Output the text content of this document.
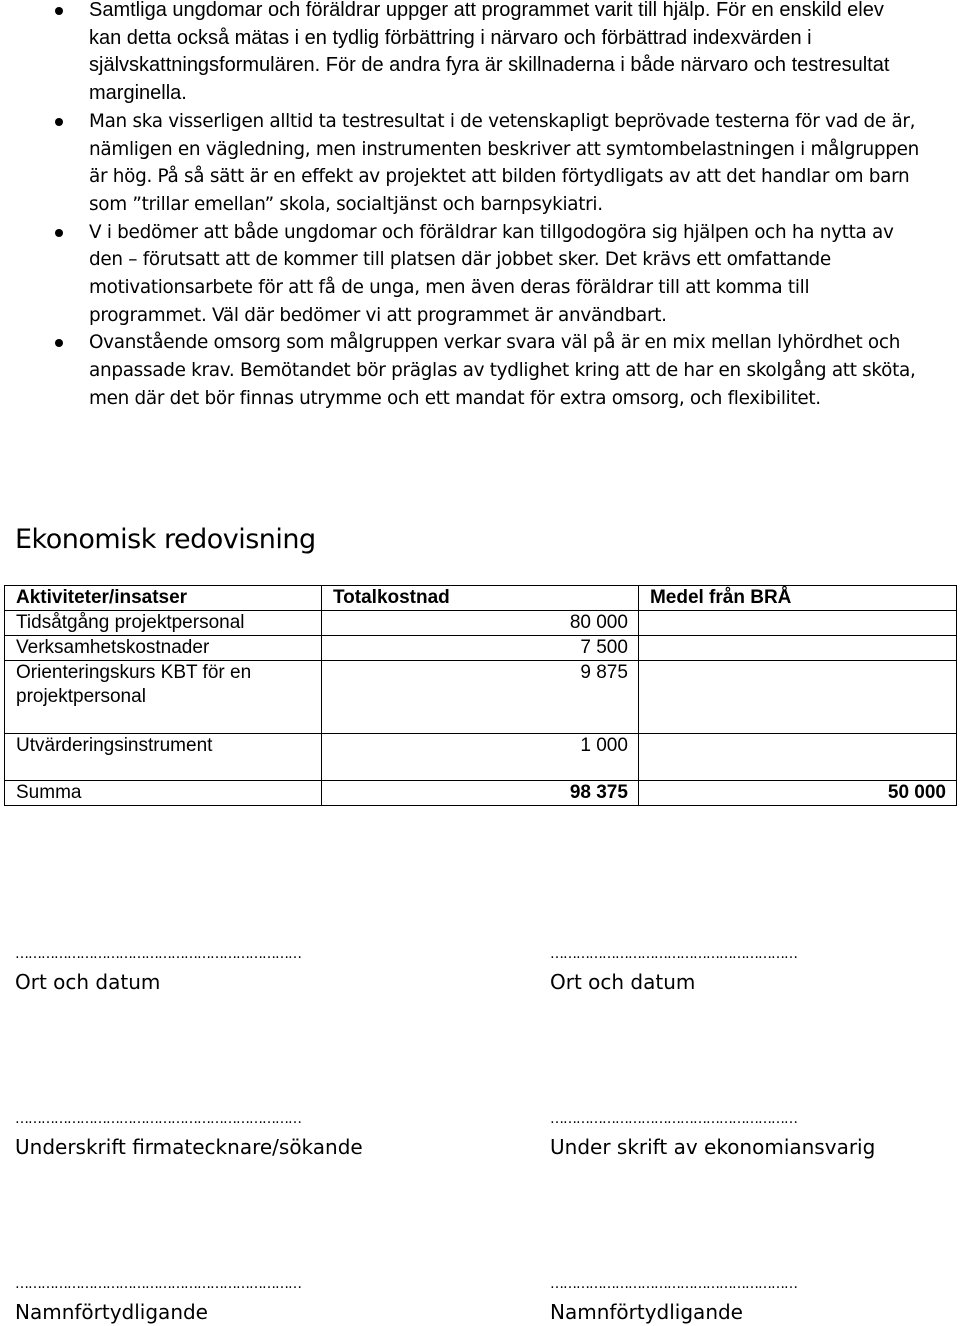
Samtliga ungdomar och föräldrar uppger att programmet varit till hjälp. För en enskild elev
kan detta också mätas i en tydlig förbättring i närvaro och förbättrad indexvärden i
självskattningsformulären. För de andra fyra är skillnaderna i både närvaro och testresultat
marginella.
Man ska visserligen alltid ta testresultat i de vetenskapligt beprövade testerna för vad de är,
nämligen en vägledning, men instrumenten beskriver att symtombelastningen i målgruppen
är hög. På så sätt är en effekt av projektet att bilden förtydligats av att det handlar om barn
som ”trillar emellan” skola, socialtjänst och barnpsykiatri.
V i bedömer att både ungdomar och föräldrar kan tillgodogöra sig hjälpen och ha nytta av
den – förutsatt att de kommer till platsen där jobbet sker. Det krävs ett omfattande
motivationsarbete för att få de unga, men även deras föräldrar till att komma till
programmet. Väl där bedömer vi att programmet är användbart.
Ovanstående omsorg som målgruppen verkar svara väl på är en mix mellan lyhördhet och
anpassade krav. Bemötandet bör präglas av tydlighet kring att de har en skolgång att sköta,
men där det bör finnas utrymme och ett mandat för extra omsorg, och flexibilitet.
Ekonomisk redovisning
Aktiviteter/insatser	Totalkostnad	Medel från BRÅ
Tidsåtgång projektpersonal	80 000	
Verksamhetskostnader	7 500	
Orienteringskurs KBT för en
projektpersonal	9 875	
Utvärderingsinstrument	1 000	
Summa	98 375	50 000
…………………………………………………………
Ort och datum
…………………………………………………
Ort och datum
…………………………………………………………
Underskrift firmatecknare/sökande
…………………………………………………
Under skrift av ekonomiansvarig
…………………………………………………………
Namnförtydligande
…………………………………………………
Namnförtydligande
